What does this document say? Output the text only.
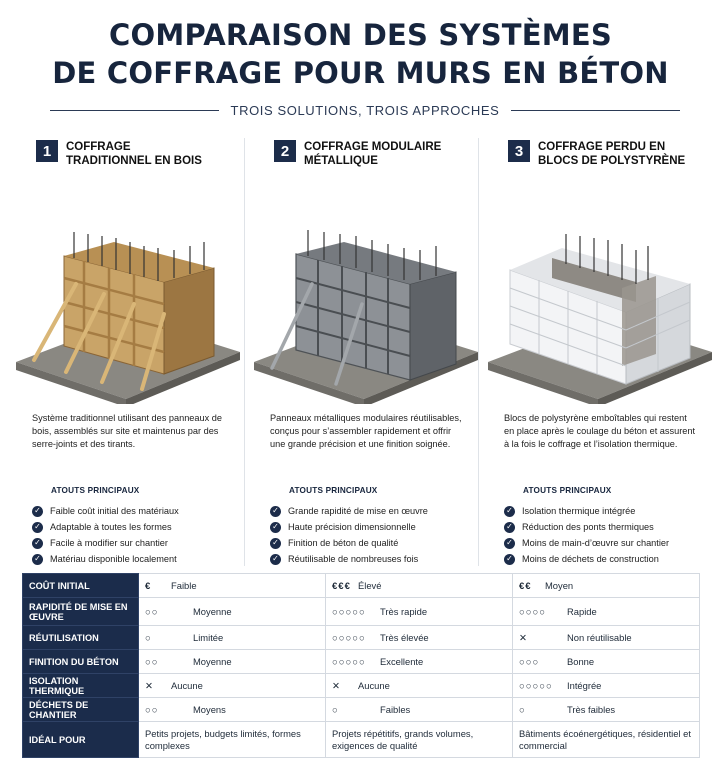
COMPARAISON DES SYSTÈMES
DE COFFRAGE POUR MURS EN BÉTON
TROIS SOLUTIONS, TROIS APPROCHES
1	COFFRAGE TRADITIONNEL EN BOIS
Système traditionnel utilisant des panneaux de bois, assemblés sur site et maintenus par des serre-joints et des tirants.
ATOUTS PRINCIPAUX
✓ Faible coût initial des matériaux
✓ Adaptable à toutes les formes
✓ Facile à modifier sur chantier
✓ Matériau disponible localement
2	COFFRAGE MODULAIRE MÉTALLIQUE
Panneaux métalliques modulaires réutilisables, conçus pour s’assembler rapidement et offrir une grande précision et une finition soignée.
ATOUTS PRINCIPAUX
✓ Grande rapidité de mise en œuvre
✓ Haute précision dimensionnelle
✓ Finition de béton de qualité
✓ Réutilisable de nombreuses fois
3	COFFRAGE PERDU EN BLOCS DE POLYSTYRÈNE
Blocs de polystyrène emboîtables qui restent en place après le coulage du béton et assurent à la fois le coffrage et l’isolation thermique.
ATOUTS PRINCIPAUX
✓ Isolation thermique intégrée
✓ Réduction des ponts thermiques
✓ Moins de main-d’œuvre sur chantier
✓ Moins de déchets de construction
COÛT INITIAL	€ Faible	€€€ Élevé	€€ Moyen
RAPIDITÉ DE MISE EN ŒUVRE	○○ Moyenne	○○○○○ Très rapide	○○○○ Rapide
RÉUTILISATION	○ Limitée	○○○○○ Très élevée	✕ Non réutilisable
FINITION DU BÉTON	○○ Moyenne	○○○○○ Excellente	○○○ Bonne
ISOLATION THERMIQUE	✕ Aucune	✕ Aucune	○○○○○ Intégrée
DÉCHETS DE CHANTIER	○○ Moyens	○ Faibles	○ Très faibles
IDÉAL POUR	Petits projets, budgets limités, formes complexes	Projets répétitifs, grands volumes, exigences de qualité	Bâtiments écoénergétiques, résidentiel et commercial
